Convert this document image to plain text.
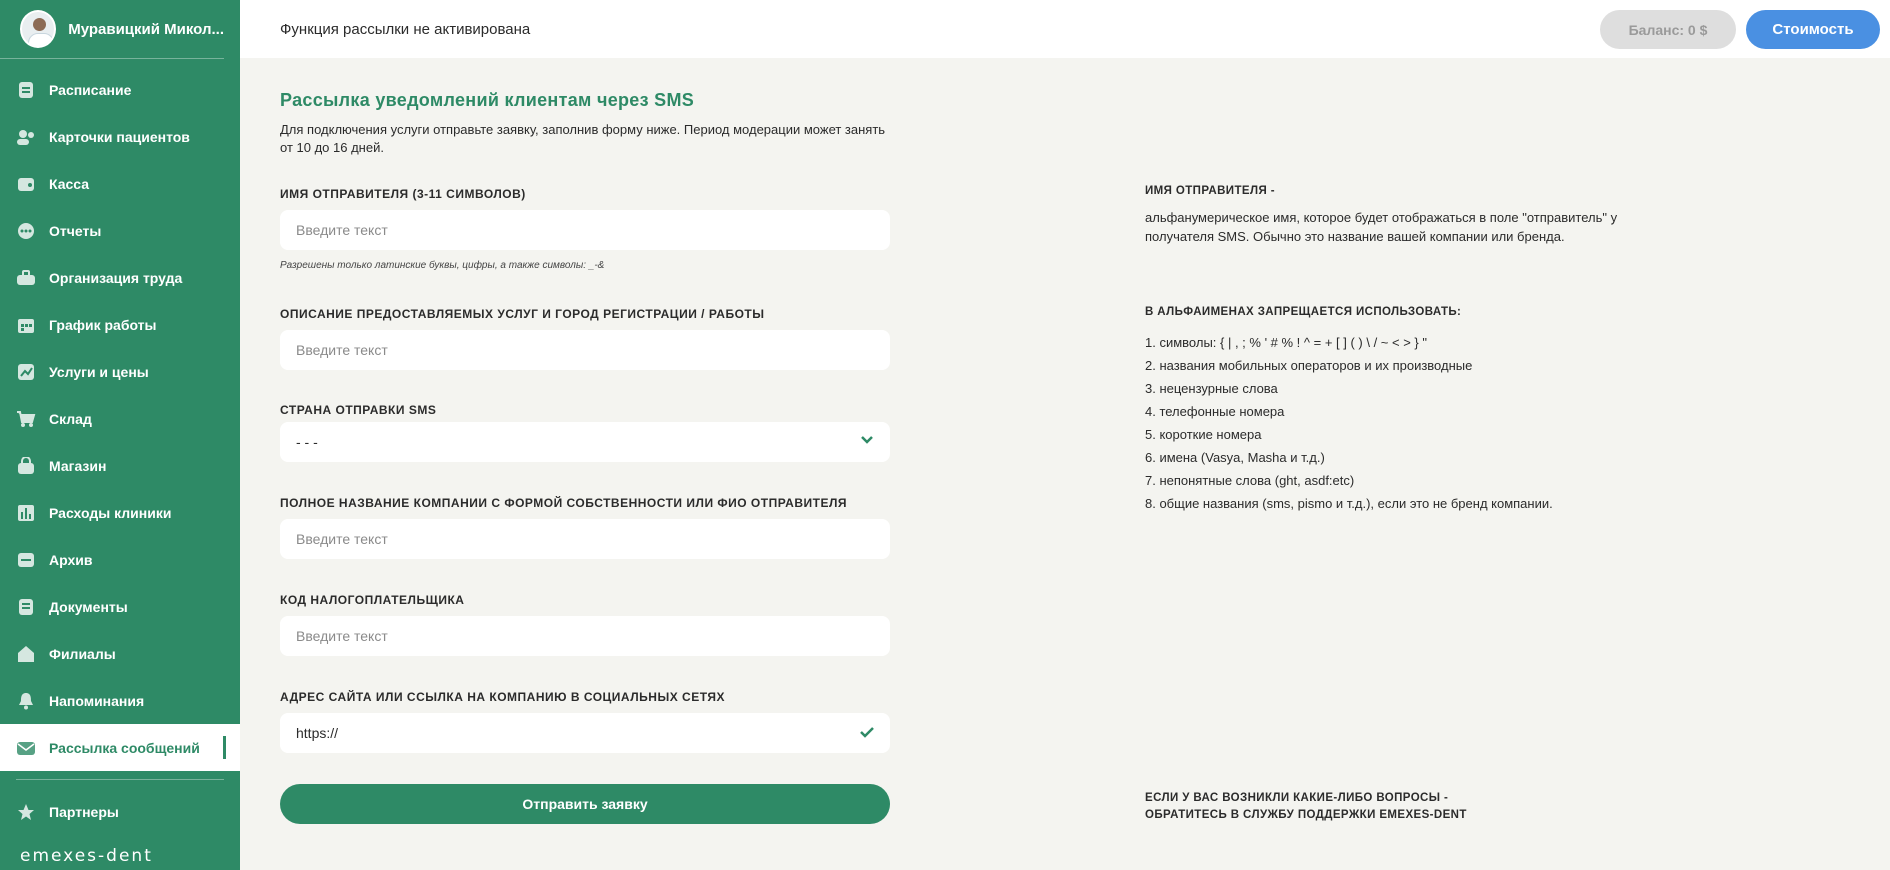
Муравицкий Микол...
Расписание
Карточки пациентов
Касса
Отчеты
Организация труда
График работы
Услуги и цены
Склад
Магазин
Расходы клиники
Архив
Документы
Филиалы
Напоминания
Рассылка сообщений
Партнеры
emexes-dent
Функция рассылки не активирована	Баланс: 0 $	Стоимость
Рассылка уведомлений клиентам через SMS
Для подключения услуги отправьте заявку, заполнив форму ниже. Период модерации может занять от 10 до 16 дней.
ИМЯ ОТПРАВИТЕЛЯ (3-11 СИМВОЛОВ)
Введите текст
Разрешены только латинские буквы, цифры, а также символы: _-&
ОПИСАНИЕ ПРЕДОСТАВЛЯЕМЫХ УСЛУГ И ГОРОД РЕГИСТРАЦИИ / РАБОТЫ
Введите текст
СТРАНА ОТПРАВКИ SMS
- - -
ПОЛНОЕ НАЗВАНИЕ КОМПАНИИ С ФОРМОЙ СОБСТВЕННОСТИ ИЛИ ФИО ОТПРАВИТЕЛЯ
Введите текст
КОД НАЛОГОПЛАТЕЛЬЩИКА
Введите текст
АДРЕС САЙТА ИЛИ ССЫЛКА НА КОМПАНИЮ В СОЦИАЛЬНЫХ СЕТЯХ
https://
Отправить заявку
ИМЯ ОТПРАВИТЕЛЯ -
альфанумерическое имя, которое будет отображаться в поле "отправитель" у получателя SMS. Обычно это название вашей компании или бренда.
В АЛЬФАИМЕНАХ ЗАПРЕЩАЕТСЯ ИСПОЛЬЗОВАТЬ:
1. символы: { | , ; % ' # % ! ^ = + [ ] ( ) \ / ~ < > } "
2. названия мобильных операторов и их производные
3. нецензурные слова
4. телефонные номера
5. короткие номера
6. имена (Vasya, Masha и т.д.)
7. непонятные слова (ght, asdf:etc)
8. общие названия (sms, pismo и т.д.), если это не бренд компании.
ЕСЛИ У ВАС ВОЗНИКЛИ КАКИЕ-ЛИБО ВОПРОСЫ -
ОБРАТИТЕСЬ В СЛУЖБУ ПОДДЕРЖКИ EMEXES-DENT
